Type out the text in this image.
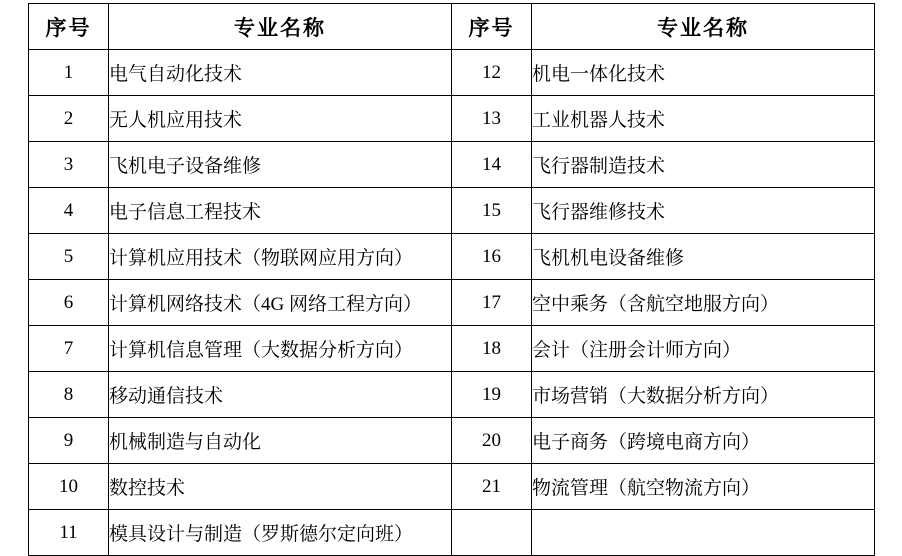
序号	专业名称	序号	专业名称
1	电气自动化技术	12	机电一体化技术
2	无人机应用技术	13	工业机器人技术
3	飞机电子设备维修	14	飞行器制造技术
4	电子信息工程技术	15	飞行器维修技术
5	计算机应用技术（物联网应用方向）	16	飞机机电设备维修
6	计算机网络技术（4G 网络工程方向）	17	空中乘务（含航空地服方向）
7	计算机信息管理（大数据分析方向）	18	会计（注册会计师方向）
8	移动通信技术	19	市场营销（大数据分析方向）
9	机械制造与自动化	20	电子商务（跨境电商方向）
10	数控技术	21	物流管理（航空物流方向）
11	模具设计与制造（罗斯德尔定向班）		
